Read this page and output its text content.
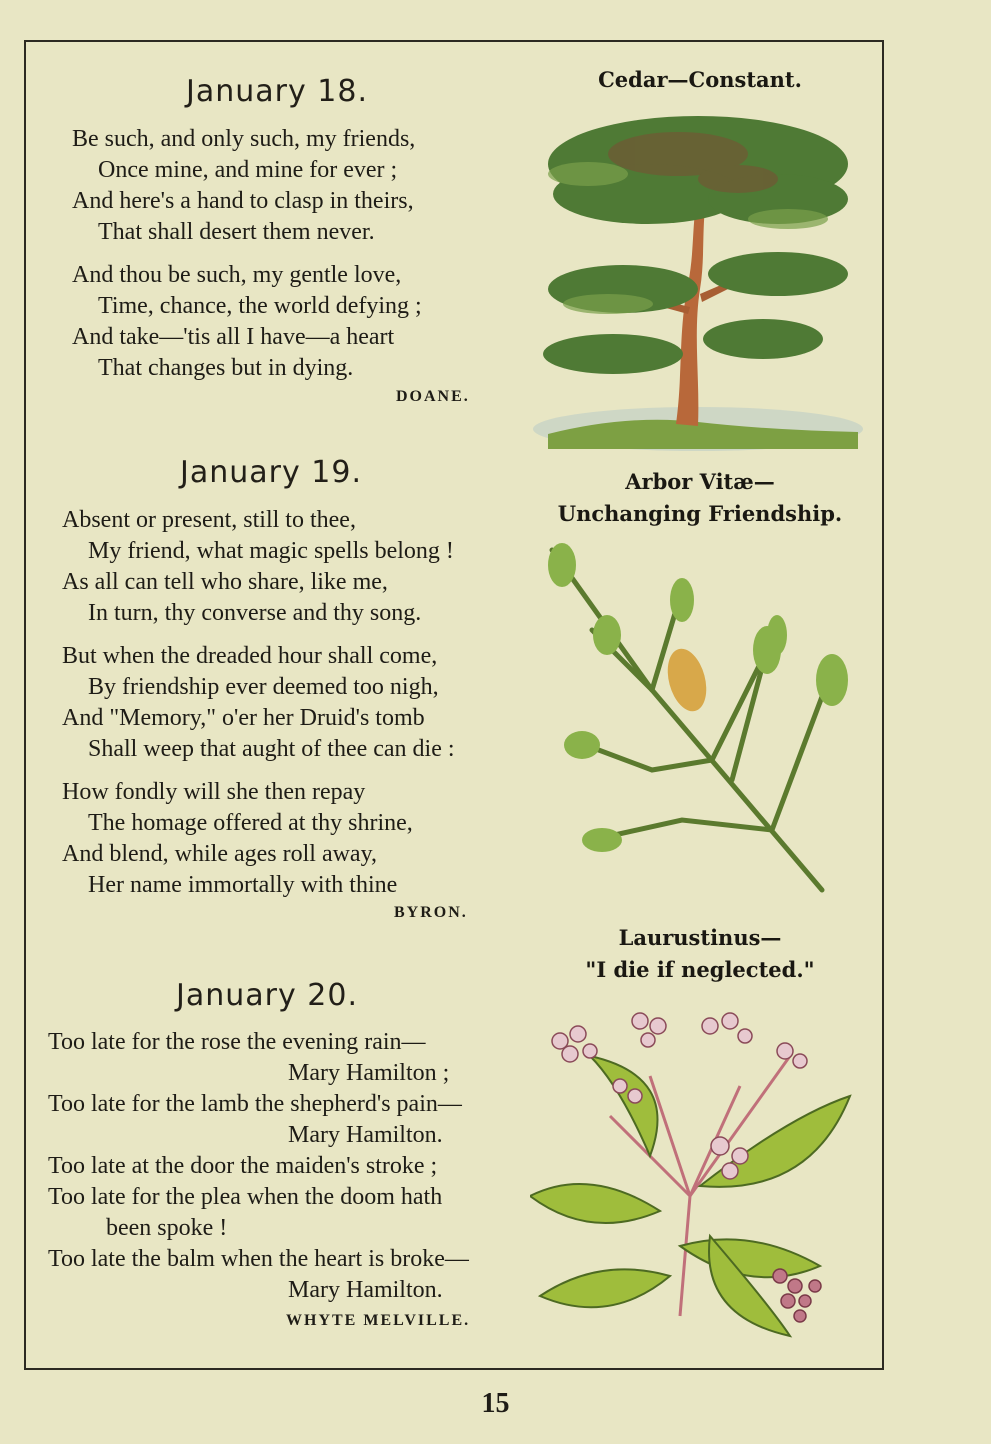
January 18.
Be such, and only such, my friends,
Once mine, and mine for ever ;
And here's a hand to clasp in theirs,
That shall desert them never.
And thou be such, my gentle love,
Time, chance, the world defying ;
And take—'tis all I have—a heart
That changes but in dying.
DOANE.
January 19.
Absent or present, still to thee,
My friend, what magic spells belong !
As all can tell who share, like me,
In turn, thy converse and thy song.
But when the dreaded hour shall come,
By friendship ever deemed too nigh,
And "Memory," o'er her Druid's tomb
Shall weep that aught of thee can die :
How fondly will she then repay
The homage offered at thy shrine,
And blend, while ages roll away,
Her name immortally with thine
BYRON.
January 20.
Too late for the rose the evening rain—
Mary Hamilton ;
Too late for the lamb the shepherd's pain—
Mary Hamilton.
Too late at the door the maiden's stroke ;
Too late for the plea when the doom hath
been spoke !
Too late the balm when the heart is broke—
Mary Hamilton.
WHYTE MELVILLE.
Cedar—Constant.
Arbor Vitæ—
Unchanging Friendship.
Laurustinus—
"I die if neglected."
15
